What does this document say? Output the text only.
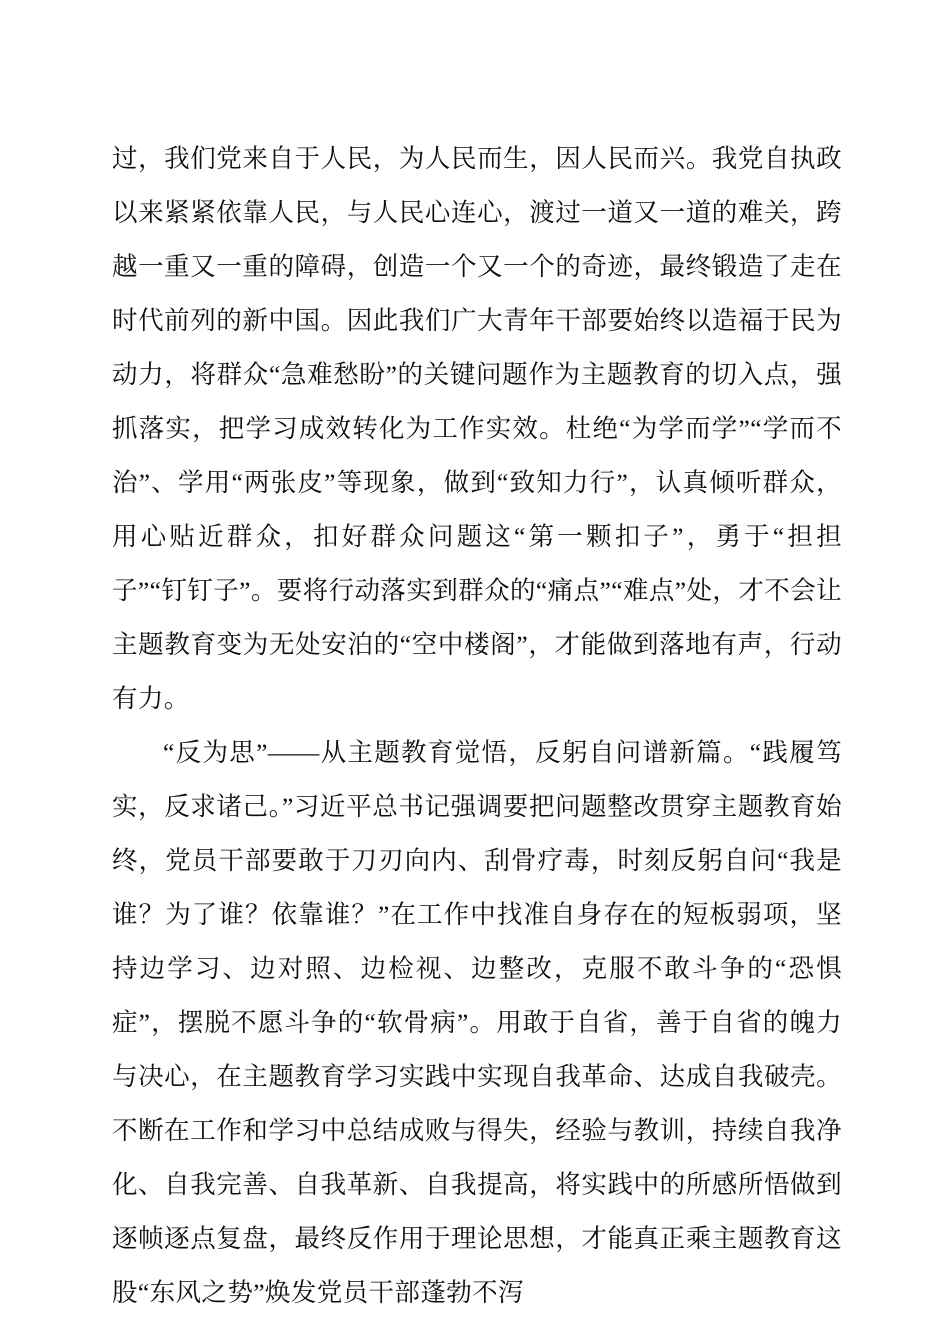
过，我们党来自于人民，为人民而生，因人民而兴。我党自执政以来紧紧依靠人民，与人民心连心，渡过一道又一道的难关，跨越一重又一重的障碍，创造一个又一个的奇迹，最终锻造了走在时代前列的新中国。因此我们广大青年干部要始终以造福于民为动力，将群众“急难愁盼”的关键问题作为主题教育的切入点，强抓落实，把学习成效转化为工作实效。杜绝“为学而学”“学而不治”、学用“两张皮”等现象，做到“致知力行”，认真倾听群众，用心贴近群众，扣好群众问题这“第一颗扣子”，勇于“担担子”“钉钉子”。要将行动落实到群众的“痛点”“难点”处，才不会让主题教育变为无处安泊的“空中楼阁”，才能做到落地有声，行动有力。

“反为思”——从主题教育觉悟，反躬自问谱新篇。“践履笃实，反求诸己。”习近平总书记强调要把问题整改贯穿主题教育始终，党员干部要敢于刀刃向内、刮骨疗毒，时刻反躬自问“我是谁？为了谁？依靠谁？”在工作中找准自身存在的短板弱项，坚持边学习、边对照、边检视、边整改，克服不敢斗争的“恐惧症”，摆脱不愿斗争的“软骨病”。用敢于自省，善于自省的魄力与决心，在主题教育学习实践中实现自我革命、达成自我破壳。不断在工作和学习中总结成败与得失，经验与教训，持续自我净化、自我完善、自我革新、自我提高，将实践中的所感所悟做到逐帧逐点复盘，最终反作用于理论思想，才能真正乘主题教育这股“东风之势”焕发党员干部蓬勃不泻
